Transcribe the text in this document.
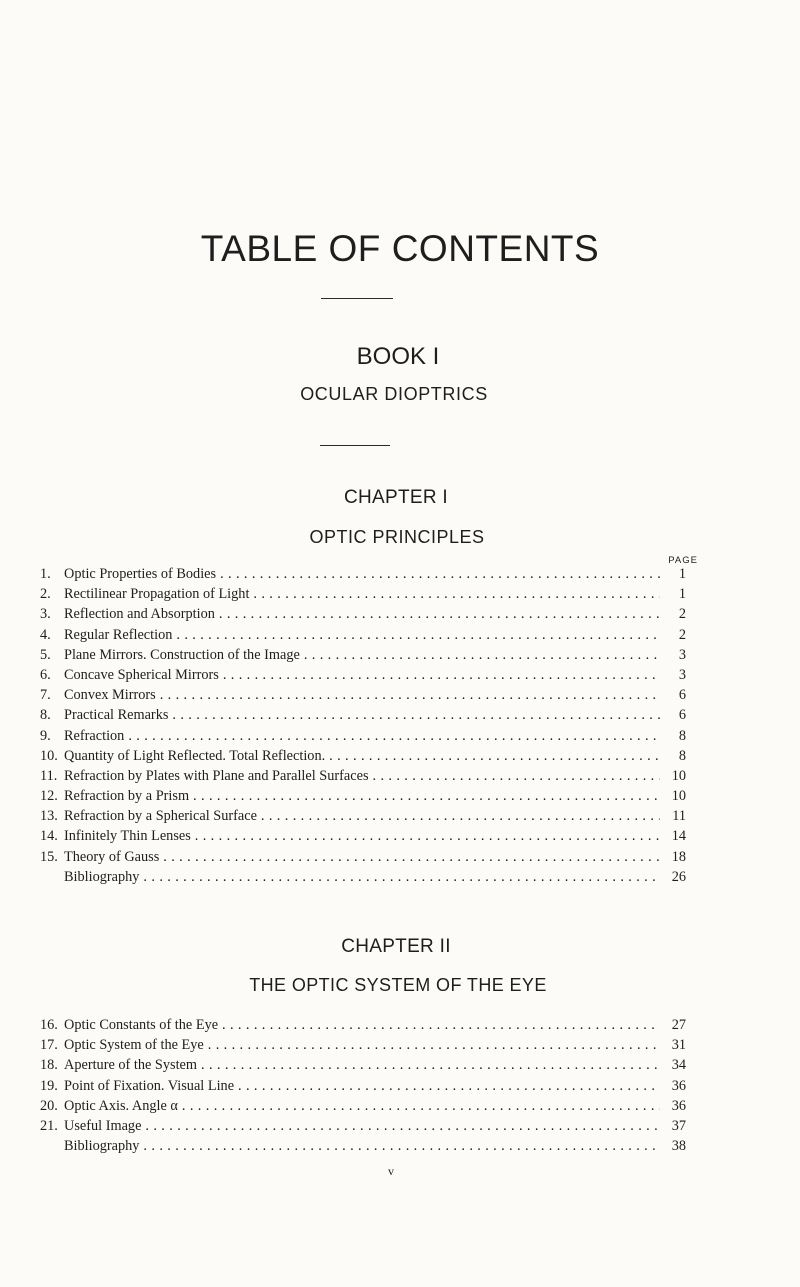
TABLE OF CONTENTS
BOOK I
OCULAR DIOPTRICS
CHAPTER I
OPTIC PRINCIPLES
PAGE
1. Optic Properties of Bodies . . .	1
2. Rectilinear Propagation of Light . . .	1
3. Reflection and Absorption . . .	2
4. Regular Reflection . . .	2
5. Plane Mirrors. Construction of the Image . . .	3
6. Concave Spherical Mirrors . . .	3
7. Convex Mirrors . . .	6
8. Practical Remarks . . .	6
9. Refraction . . .	8
10. Quantity of Light Reflected. Total Reflection. . . .	8
11. Refraction by Plates with Plane and Parallel Surfaces . . .	10
12. Refraction by a Prism . . .	10
13. Refraction by a Spherical Surface . . .	11
14. Infinitely Thin Lenses . . .	14
15. Theory of Gauss . . .	18
Bibliography . . .	26
CHAPTER II
THE OPTIC SYSTEM OF THE EYE
16. Optic Constants of the Eye . . .	27
17. Optic System of the Eye . . .	31
18. Aperture of the System . . .	34
19. Point of Fixation. Visual Line . . .	36
20. Optic Axis. Angle α . . .	36
21. Useful Image . . .	37
Bibliography . . .	38
v
